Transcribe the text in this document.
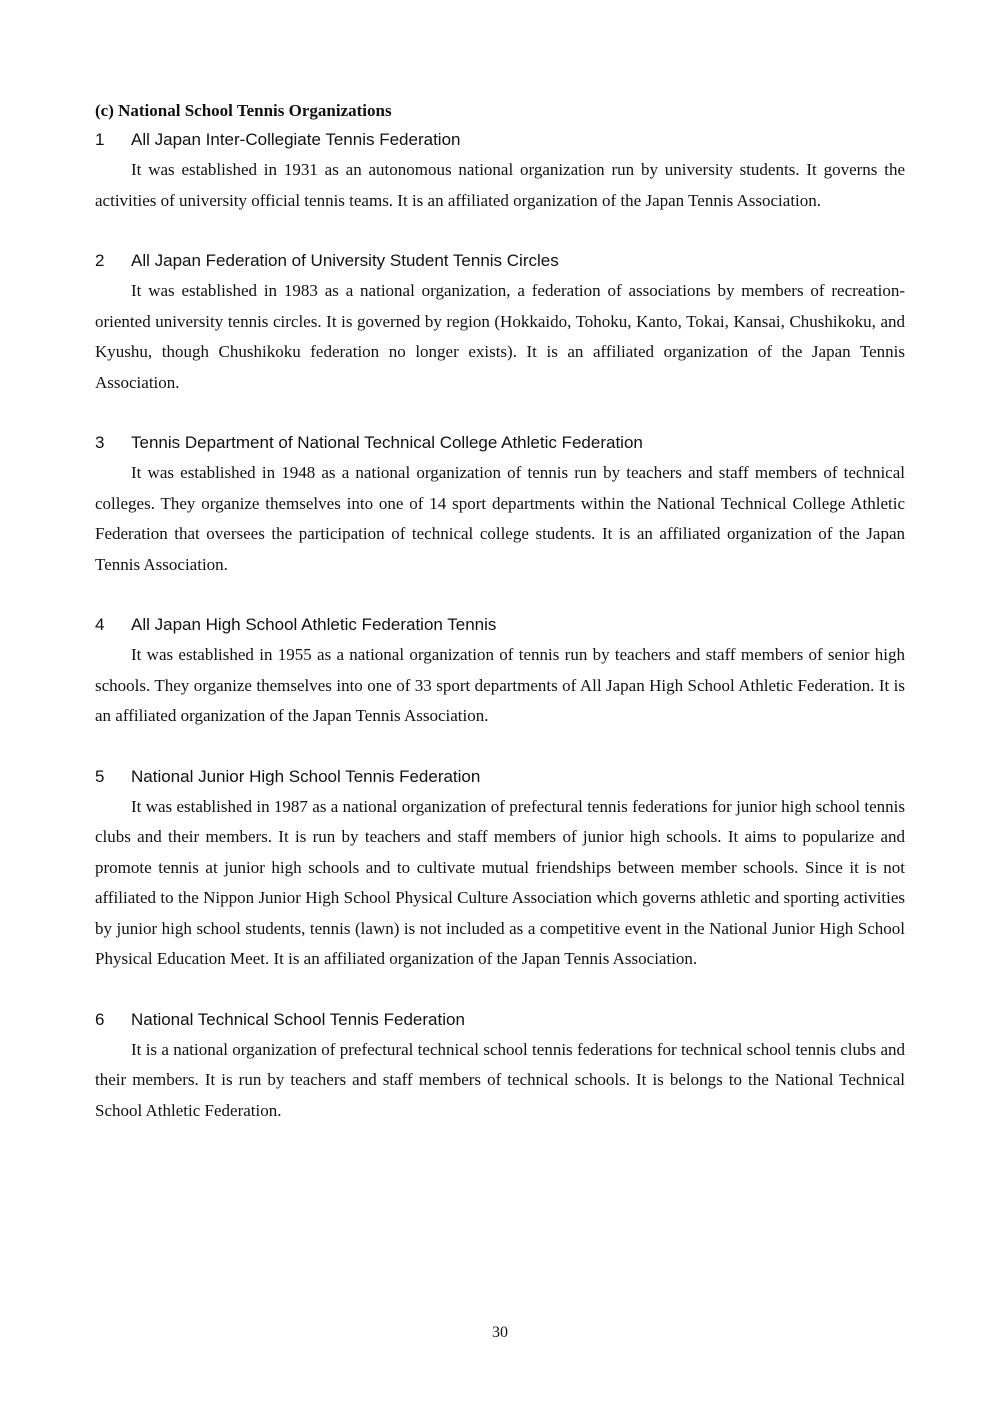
(c) National School Tennis Organizations

1 All Japan Inter-Collegiate Tennis Federation

It was established in 1931 as an autonomous national organization run by university students. It governs the activities of university official tennis teams. It is an affiliated organization of the Japan Tennis Association.

2 All Japan Federation of University Student Tennis Circles

It was established in 1983 as a national organization, a federation of associations by members of recreation-oriented university tennis circles. It is governed by region (Hokkaido, Tohoku, Kanto, Tokai, Kansai, Chushikoku, and Kyushu, though Chushikoku federation no longer exists). It is an affiliated organization of the Japan Tennis Association.

3 Tennis Department of National Technical College Athletic Federation

It was established in 1948 as a national organization of tennis run by teachers and staff members of technical colleges. They organize themselves into one of 14 sport departments within the National Technical College Athletic Federation that oversees the participation of technical college students. It is an affiliated organization of the Japan Tennis Association.

4 All Japan High School Athletic Federation Tennis

It was established in 1955 as a national organization of tennis run by teachers and staff members of senior high schools. They organize themselves into one of 33 sport departments of All Japan High School Athletic Federation. It is an affiliated organization of the Japan Tennis Association.

5 National Junior High School Tennis Federation

It was established in 1987 as a national organization of prefectural tennis federations for junior high school tennis clubs and their members. It is run by teachers and staff members of junior high schools. It aims to popularize and promote tennis at junior high schools and to cultivate mutual friendships between member schools. Since it is not affiliated to the Nippon Junior High School Physical Culture Association which governs athletic and sporting activities by junior high school students, tennis (lawn) is not included as a competitive event in the National Junior High School Physical Education Meet. It is an affiliated organization of the Japan Tennis Association.

6 National Technical School Tennis Federation

It is a national organization of prefectural technical school tennis federations for technical school tennis clubs and their members. It is run by teachers and staff members of technical schools. It is belongs to the National Technical School Athletic Federation.

30
